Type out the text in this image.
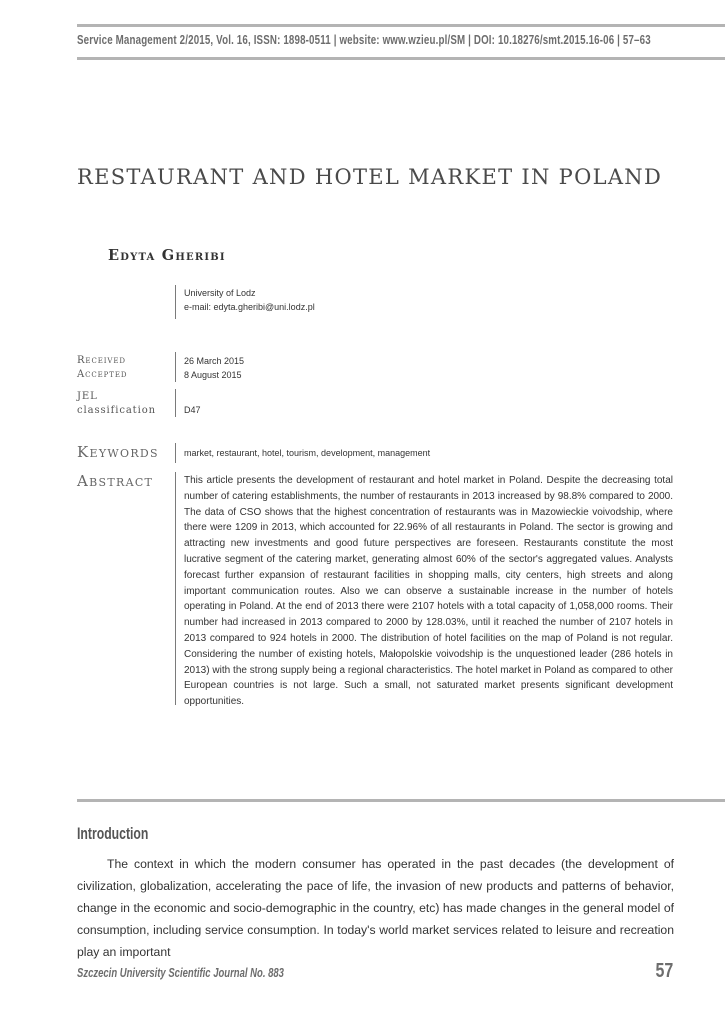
Service Management 2/2015, Vol. 16, ISSN: 1898-0511 | website: www.wzieu.pl/SM | DOI: 10.18276/smt.2015.16-06 | 57–63
RESTAURANT AND HOTEL MARKET IN POLAND
Edyta Gheribi
University of Lodz
e-mail: edyta.gheribi@uni.lodz.pl
Received	26 March 2015
Accepted	8 August 2015
JEL
classification	D47
Keywords	market, restaurant, hotel, tourism, development, management
Abstract	This article presents the development of restaurant and hotel market in Poland. Despite the decreasing total number of catering establishments, the number of restaurants in 2013 increased by 98.8% compared to 2000. The data of CSO shows that the highest concentration of restaurants was in Mazowieckie voivodship, where there were 1209 in 2013, which accounted for 22.96% of all restaurants in Poland. The sector is growing and attracting new investments and good future perspectives are foreseen. Restaurants constitute the most lucrative segment of the catering market, generating almost 60% of the sector's aggregated values. Analysts forecast further expansion of restaurant facilities in shopping malls, city centers, high streets and along important communication routes. Also we can observe a sustainable increase in the number of hotels operating in Poland. At the end of 2013 there were 2107 hotels with a total capacity of 1,058,000 rooms. Their number had increased in 2013 compared to 2000 by 128.03%, until it reached the number of 2107 hotels in 2013 compared to 924 hotels in 2000. The distribution of hotel facilities on the map of Poland is not regular. Considering the number of existing hotels, Małopolskie voivodship is the unquestioned leader (286 hotels in 2013) with the strong supply being a regional characteristics. The hotel market in Poland as compared to other European countries is not large. Such a small, not saturated market presents significant development opportunities.
Introduction
The context in which the modern consumer has operated in the past decades (the development of civilization, globalization, accelerating the pace of life, the invasion of new products and patterns of behavior, change in the economic and socio-demographic in the country, etc) has made changes in the general model of consumption, including service consumption. In today's world market services related to leisure and recreation play an important
Szczecin University Scientific Journal No. 883	57
